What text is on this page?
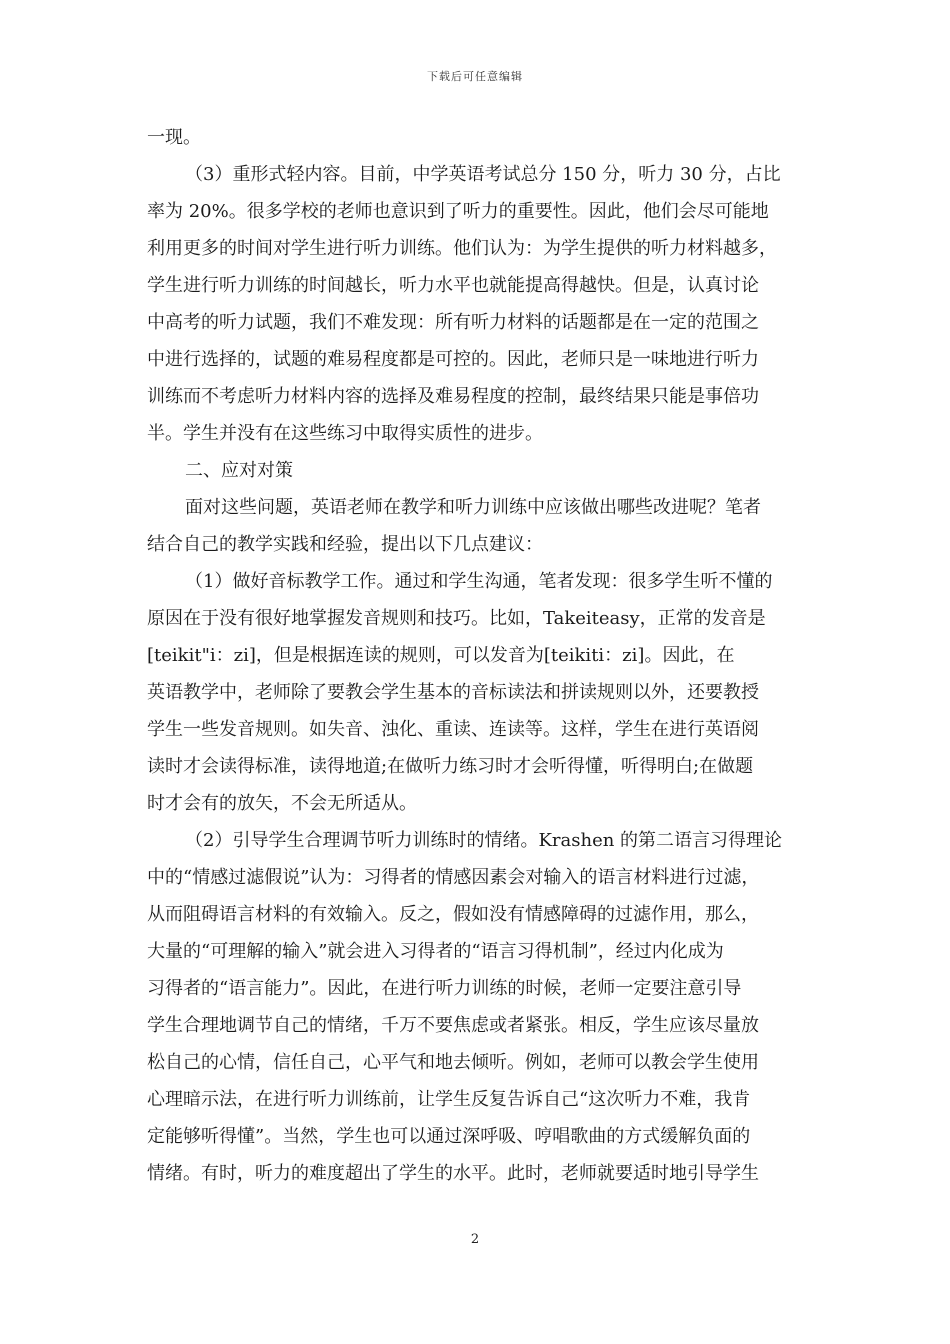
下载后可任意编辑
一现。
（3）重形式轻内容。目前，中学英语考试总分 150 分，听力 30 分，占比
率为 20%。很多学校的老师也意识到了听力的重要性。因此，他们会尽可能地
利用更多的时间对学生进行听力训练。他们认为：为学生提供的听力材料越多，
学生进行听力训练的时间越长，听力水平也就能提高得越快。但是，认真讨论
中高考的听力试题，我们不难发现：所有听力材料的话题都是在一定的范围之
中进行选择的，试题的难易程度都是可控的。因此，老师只是一味地进行听力
训练而不考虑听力材料内容的选择及难易程度的控制，最终结果只能是事倍功
半。学生并没有在这些练习中取得实质性的进步。
二、应对对策
面对这些问题，英语老师在教学和听力训练中应该做出哪些改进呢？笔者
结合自己的教学实践和经验，提出以下几点建议：
（1）做好音标教学工作。通过和学生沟通，笔者发现：很多学生听不懂的
原因在于没有很好地掌握发音规则和技巧。比如，Takeiteasy，正常的发音是
[teikit"i：zi]，但是根据连读的规则，可以发音为[teikiti：zi]。因此，在
英语教学中，老师除了要教会学生基本的音标读法和拼读规则以外，还要教授
学生一些发音规则。如失音、浊化、重读、连读等。这样，学生在进行英语阅
读时才会读得标准，读得地道;在做听力练习时才会听得懂，听得明白;在做题
时才会有的放矢，不会无所适从。
（2）引导学生合理调节听力训练时的情绪。Krashen 的第二语言习得理论
中的“情感过滤假说”认为：习得者的情感因素会对输入的语言材料进行过滤，
从而阻碍语言材料的有效输入。反之，假如没有情感障碍的过滤作用，那么，
大量的“可理解的输入”就会进入习得者的“语言习得机制”，经过内化成为
习得者的“语言能力”。因此，在进行听力训练的时候，老师一定要注意引导
学生合理地调节自己的情绪，千万不要焦虑或者紧张。相反，学生应该尽量放
松自己的心情，信任自己，心平气和地去倾听。例如，老师可以教会学生使用
心理暗示法，在进行听力训练前，让学生反复告诉自己“这次听力不难，我肯
定能够听得懂”。当然，学生也可以通过深呼吸、哼唱歌曲的方式缓解负面的
情绪。有时，听力的难度超出了学生的水平。此时，老师就要适时地引导学生
2
